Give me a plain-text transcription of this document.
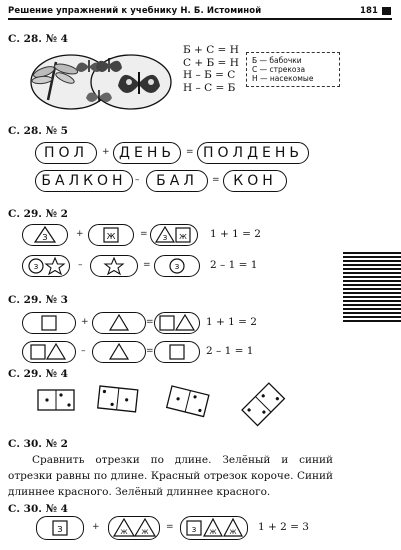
Решение упражнений к учебнику Н. Б. Истоминой	181
С. 28. № 4
Б + С = Н
С + Б = Н
Н – Б = С
Н – С = Б
Б — бабочки
С — стрекоза
Н — насекомые
С. 28. № 5
ПОЛ	+ ДЕНЬ	= ПОЛДЕНЬ
БАЛКОН –	БАЛ	= КОН
С. 29. № 2
З	+	Ж	= З Ж 1 + 1 = 2
З	–	=	З	2 – 1 = 1
С. 29. № 3
+	=	1 + 1 = 2
–	=	2 – 1 = 1
С. 29. № 4
С. 30. № 2
Сравнить отрезки по длине. Зелёный и синий отрезки равны по длине. Красный отрезок короче. Синий длиннее красного. Зелёный длиннее красного.
С. 30. № 4
З	+	Ж Ж =	З Ж Ж 1 + 2 = 3
